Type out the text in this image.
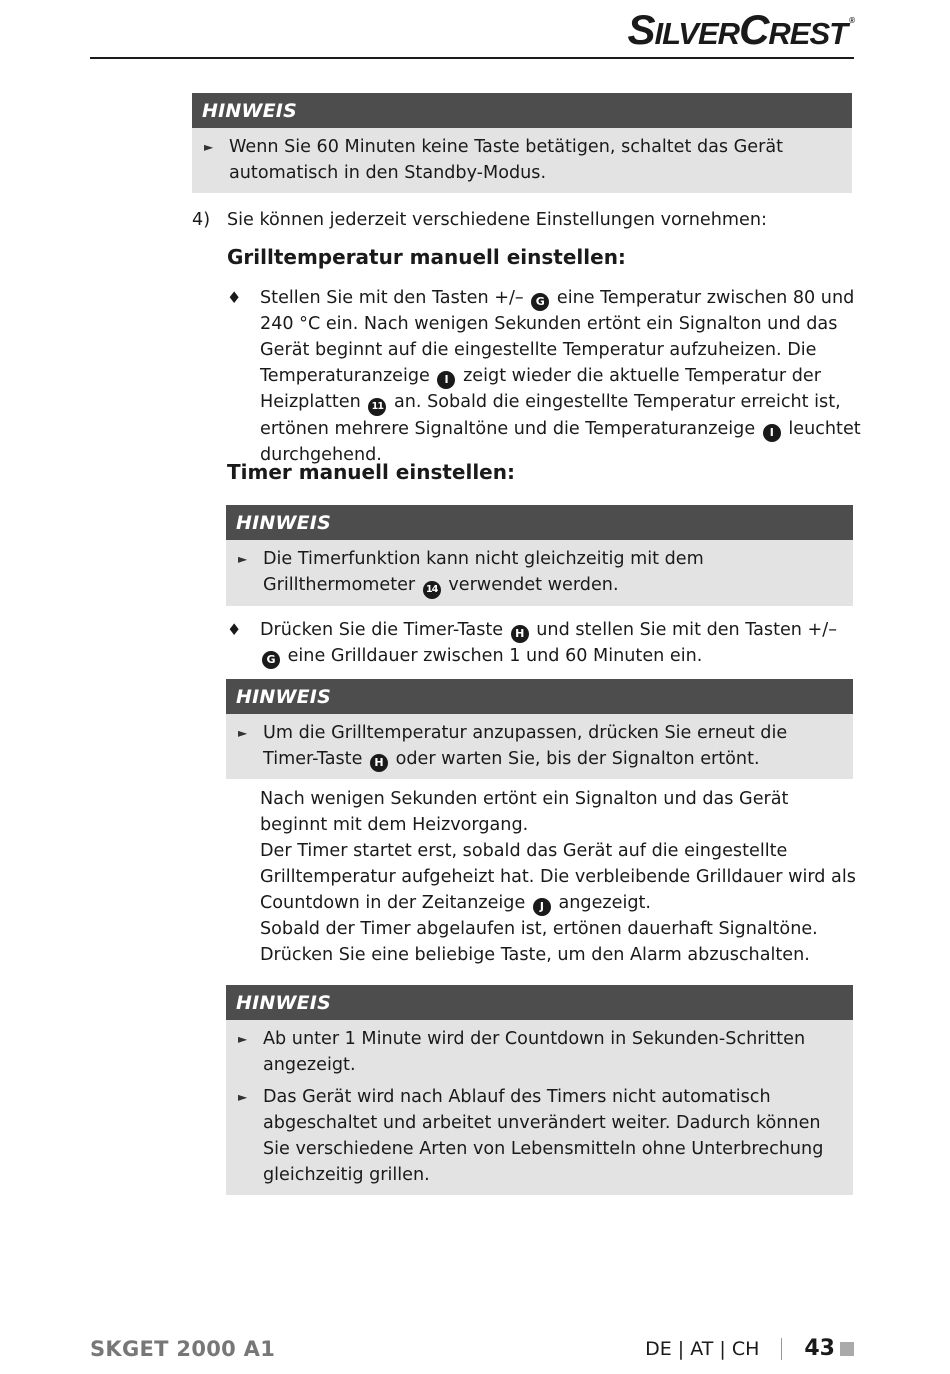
SILVERCREST ®
HINWEIS
► Wenn Sie 60 Minuten keine Taste betätigen, schaltet das Gerät automatisch in den Standby-Modus.
4) Sie können jederzeit verschiedene Einstellungen vornehmen:
Grilltemperatur manuell einstellen:
♦ Stellen Sie mit den Tasten +/– G eine Temperatur zwischen 80 und 240 °C ein. Nach wenigen Sekunden ertönt ein Signalton und das Gerät beginnt auf die eingestellte Temperatur aufzuheizen. Die Temperaturanzeige I zeigt wieder die aktuelle Temperatur der Heizplatten 11 an. Sobald die eingestellte Temperatur erreicht ist, ertönen mehrere Signaltöne und die Temperaturanzeige I leuchtet durchgehend.
Timer manuell einstellen:
HINWEIS
► Die Timerfunktion kann nicht gleichzeitig mit dem Grillthermometer 14 verwendet werden.
♦ Drücken Sie die Timer-Taste H und stellen Sie mit den Tasten +/– G eine Grilldauer zwischen 1 und 60 Minuten ein.
HINWEIS
► Um die Grilltemperatur anzupassen, drücken Sie erneut die Timer-Taste H oder warten Sie, bis der Signalton ertönt.
Nach wenigen Sekunden ertönt ein Signalton und das Gerät beginnt mit dem Heizvorgang.
Der Timer startet erst, sobald das Gerät auf die eingestellte Grilltemperatur aufgeheizt hat. Die verbleibende Grilldauer wird als Countdown in der Zeitanzeige J angezeigt.
Sobald der Timer abgelaufen ist, ertönen dauerhaft Signaltöne. Drücken Sie eine beliebige Taste, um den Alarm abzuschalten.
HINWEIS
► Ab unter 1 Minute wird der Countdown in Sekunden-Schritten angezeigt.
► Das Gerät wird nach Ablauf des Timers nicht automatisch abgeschaltet und arbeitet unverändert weiter. Dadurch können Sie verschiedene Arten von Lebensmitteln ohne Unterbrechung gleichzeitig grillen.
SKGET 2000 A1	DE | AT | CH 43
